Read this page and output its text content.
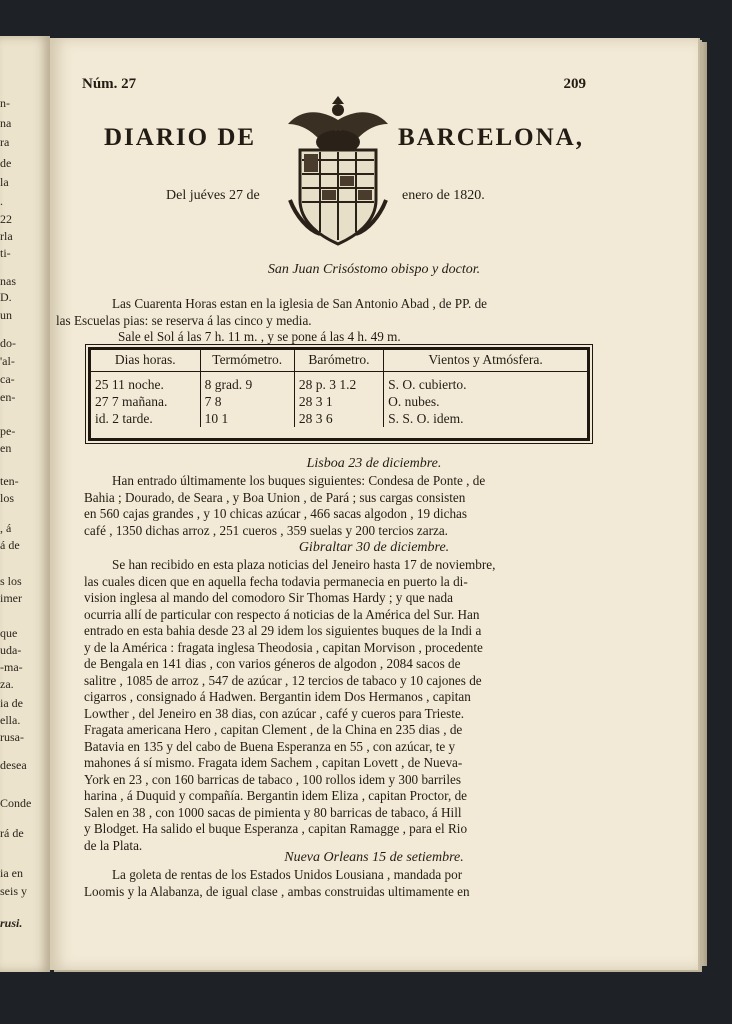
n-
na
ra
de
la
.
22
rla
ti-
nas
D.
un
do-
'al-
ca-
en-
pe-
en
ten-
los
, á
á de
s los
imer
que
uda-
-ma-
za.
ia de
ella.
rusa-
desea
Conde
rá de
ia en
seis y
rusi.
Núm. 27	209
DIARIO DE	BARCELONA,
Del juéves 27 de	enero de 1820.
San Juan Crisóstomo obispo y doctor.
Las Cuarenta Horas estan en la iglesia de San Antonio Abad , de PP. de
las Escuelas pias: se reserva á las cinco y media.
Sale el Sol á las 7 h. 11 m. , y se pone á las 4 h. 49 m.
Dias horas.	Termómetro.	Barómetro.	Vientos y Atmósfera.
25 11 noche.	8 grad. 9	28 p. 3 1.2	S. O. cubierto.
27 7 mañana.	7 8	28 3 1	O. nubes.
id. 2 tarde.	10 1	28 3 6	S. S. O. idem.
Lisboa 23 de diciembre.
Han entrado últimamente los buques siguientes: Condesa de Ponte , de
Bahia ; Dourado, de Seara , y Boa Union , de Pará ; sus cargas consisten
en 560 cajas grandes , y 10 chicas azúcar , 466 sacas algodon , 19 dichas
café , 1350 dichas arroz , 251 cueros , 359 suelas y 200 tercios zarza.
Gibraltar 30 de diciembre.
Se han recibido en esta plaza noticias del Jeneiro hasta 17 de noviembre,
las cuales dicen que en aquella fecha todavia permanecia en puerto la di-
vision inglesa al mando del comodoro Sir Thomas Hardy ; y que nada
ocurria allí de particular con respecto á noticias de la América del Sur. Han
entrado en esta bahia desde 23 al 29 idem los siguientes buques de la Indi a
y de la América : fragata inglesa Theodosia , capitan Morvison , procedente
de Bengala en 141 dias , con varios géneros de algodon , 2084 sacos de
salitre , 1085 de arroz , 547 de azúcar , 12 tercios de tabaco y 10 cajones de
cigarros , consignado á Hadwen. Bergantin idem Dos Hermanos , capitan
Lowther , del Jeneiro en 38 dias, con azúcar , café y cueros para Trieste.
Fragata americana Hero , capitan Clement , de la China en 235 dias , de
Batavia en 135 y del cabo de Buena Esperanza en 55 , con azúcar, te y
mahones á sí mismo. Fragata idem Sachem , capitan Lovett , de Nueva-
York en 23 , con 160 barricas de tabaco , 100 rollos idem y 300 barriles
harina , á Duquid y compañía. Bergantin idem Eliza , capitan Proctor, de
Salen en 38 , con 1000 sacas de pimienta y 80 barricas de tabaco, á Hill
y Blodget. Ha salido el buque Esperanza , capitan Ramagge , para el Rio
de la Plata.
Nueva Orleans 15 de setiembre.
La goleta de rentas de los Estados Unidos Lousiana , mandada por
Loomis y la Alabanza, de igual clase , ambas construidas ultimamente en
